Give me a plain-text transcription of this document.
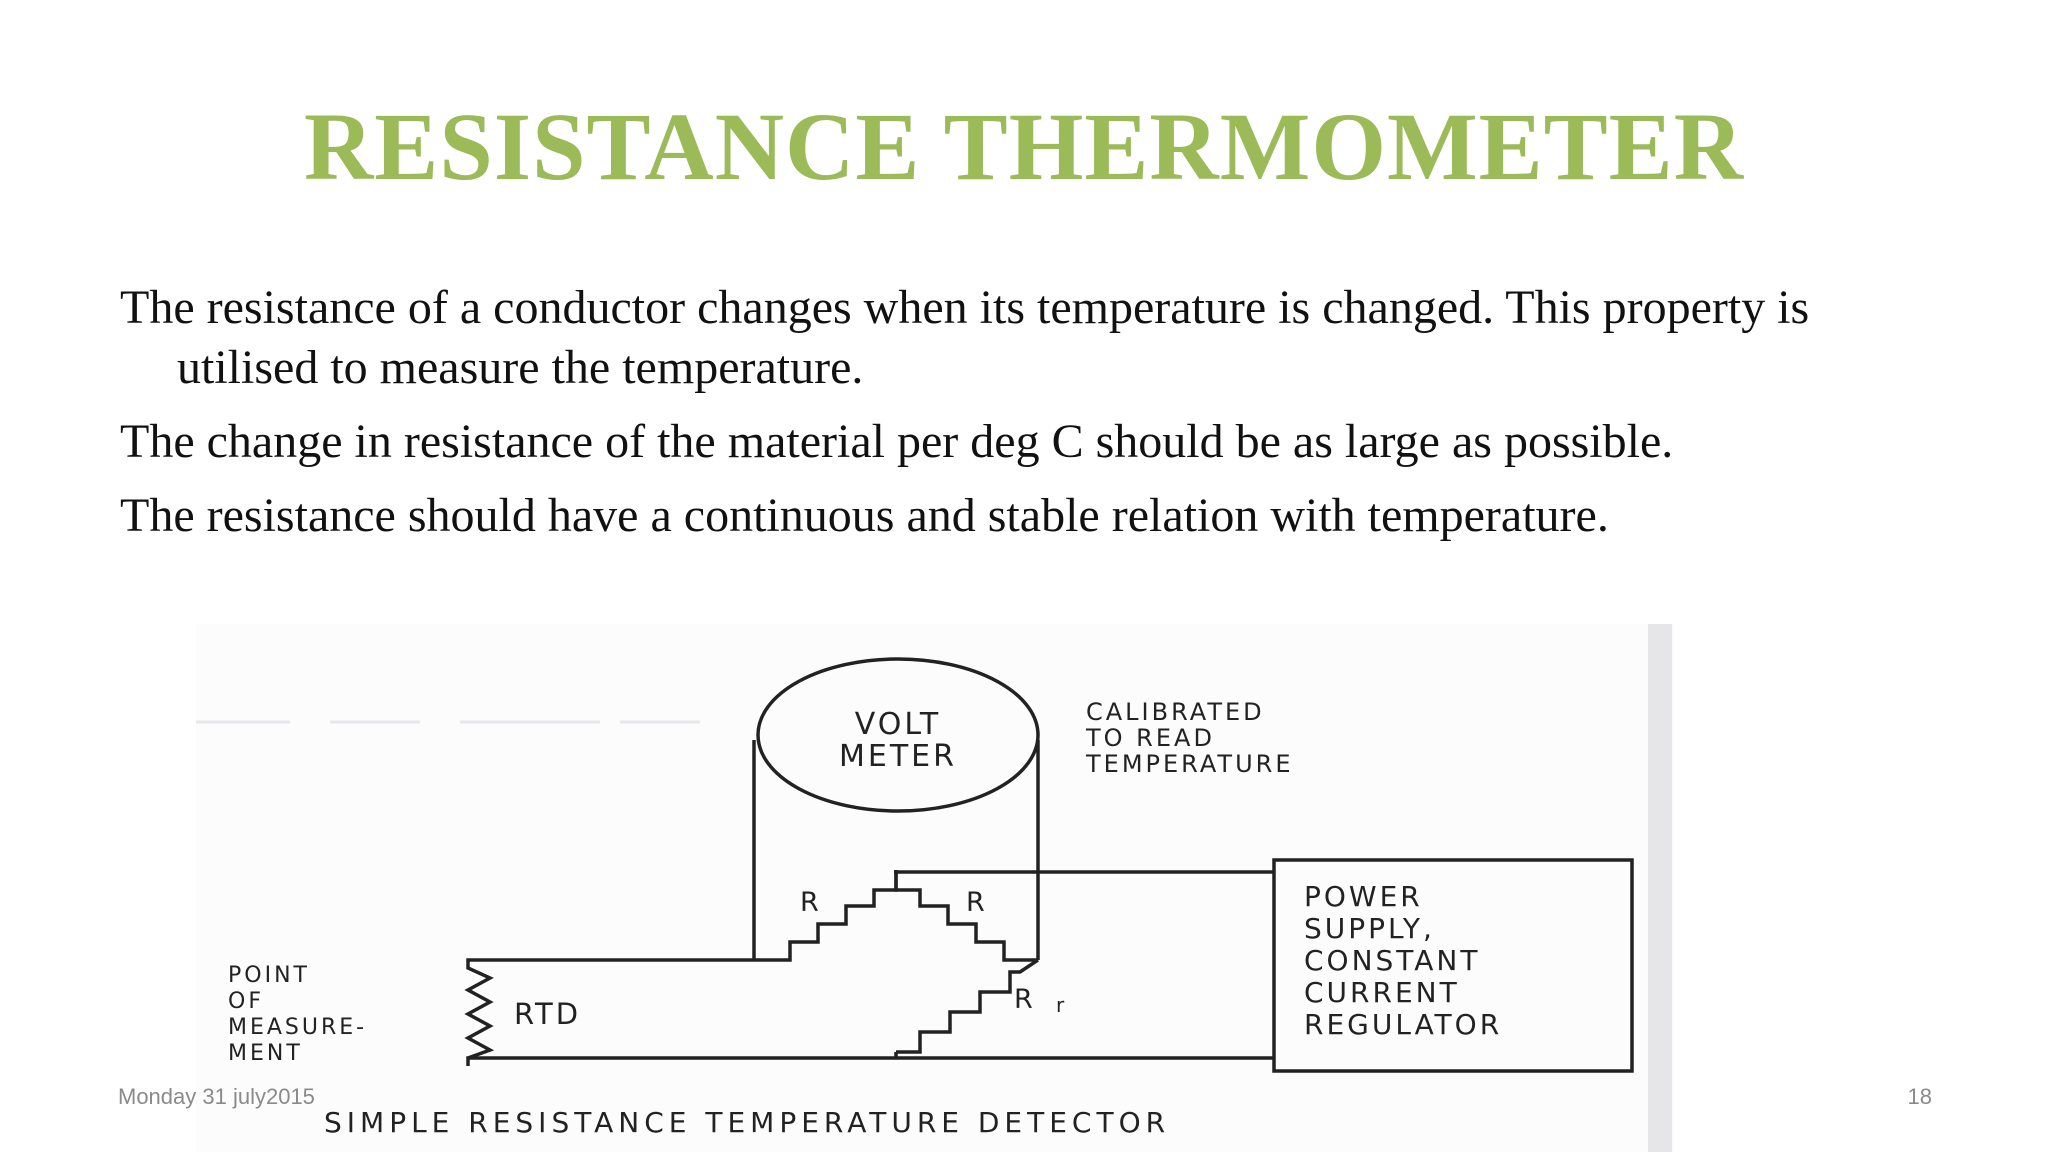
RESISTANCE THERMOMETER
The resistance of a conductor changes when its temperature is changed. This property is utilised to measure the temperature.
The change in resistance of the material per deg C should be as large as possible.
The resistance should have a continuous and stable relation with temperature.
VOLT
METER
CALIBRATED
TO READ
TEMPERATURE
R	R
R r
RTD
POINT
OF
MEASURE-
MENT
POWER
SUPPLY,
CONSTANT
CURRENT
REGULATOR
SIMPLE RESISTANCE TEMPERATURE DETECTOR
Monday 31 july2015	18
